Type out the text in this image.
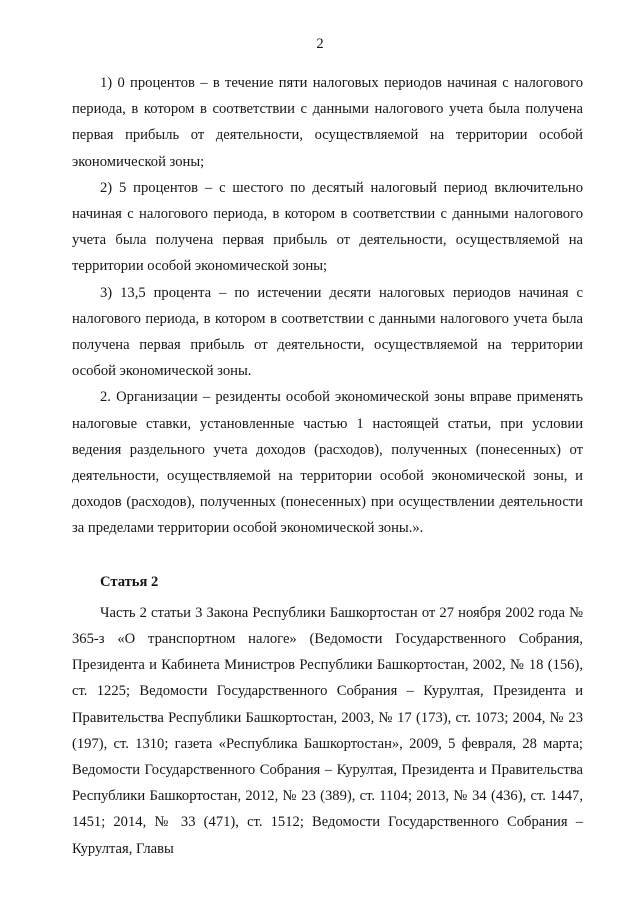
2

1) 0 процентов – в течение пяти налоговых периодов начиная с налогового периода, в котором в соответствии с данными налогового учета была получена первая прибыль от деятельности, осуществляемой на территории особой экономической зоны;

2) 5 процентов – с шестого по десятый налоговый период включительно начиная с налогового периода, в котором в соответствии с данными налогового учета была получена первая прибыль от деятельности, осуществляемой на территории особой экономической зоны;

3) 13,5 процента – по истечении десяти налоговых периодов начиная с налогового периода, в котором в соответствии с данными налогового учета была получена первая прибыль от деятельности, осуществляемой на территории особой экономической зоны.

2. Организации – резиденты особой экономической зоны вправе применять налоговые ставки, установленные частью 1 настоящей статьи, при условии ведения раздельного учета доходов (расходов), полученных (понесенных) от деятельности, осуществляемой на территории особой экономической зоны, и доходов (расходов), полученных (понесенных) при осуществлении деятельности за пределами территории особой экономической зоны.».

Статья 2

Часть 2 статьи 3 Закона Республики Башкортостан от 27 ноября 2002 года № 365-з «О транспортном налоге» (Ведомости Государственного Собрания, Президента и Кабинета Министров Республики Башкортостан, 2002, № 18 (156), ст. 1225; Ведомости Государственного Собрания – Курултая, Президента и Правительства Республики Башкортостан, 2003, № 17 (173), ст. 1073; 2004, № 23 (197), ст. 1310; газета «Республика Башкортостан», 2009, 5 февраля, 28 марта; Ведомости Государственного Собрания – Курултая, Президента и Правительства Республики Башкортостан, 2012, № 23 (389), ст. 1104; 2013, № 34 (436), ст. 1447, 1451; 2014, № 33 (471), ст. 1512; Ведомости Государственного Собрания – Курултая, Главы
